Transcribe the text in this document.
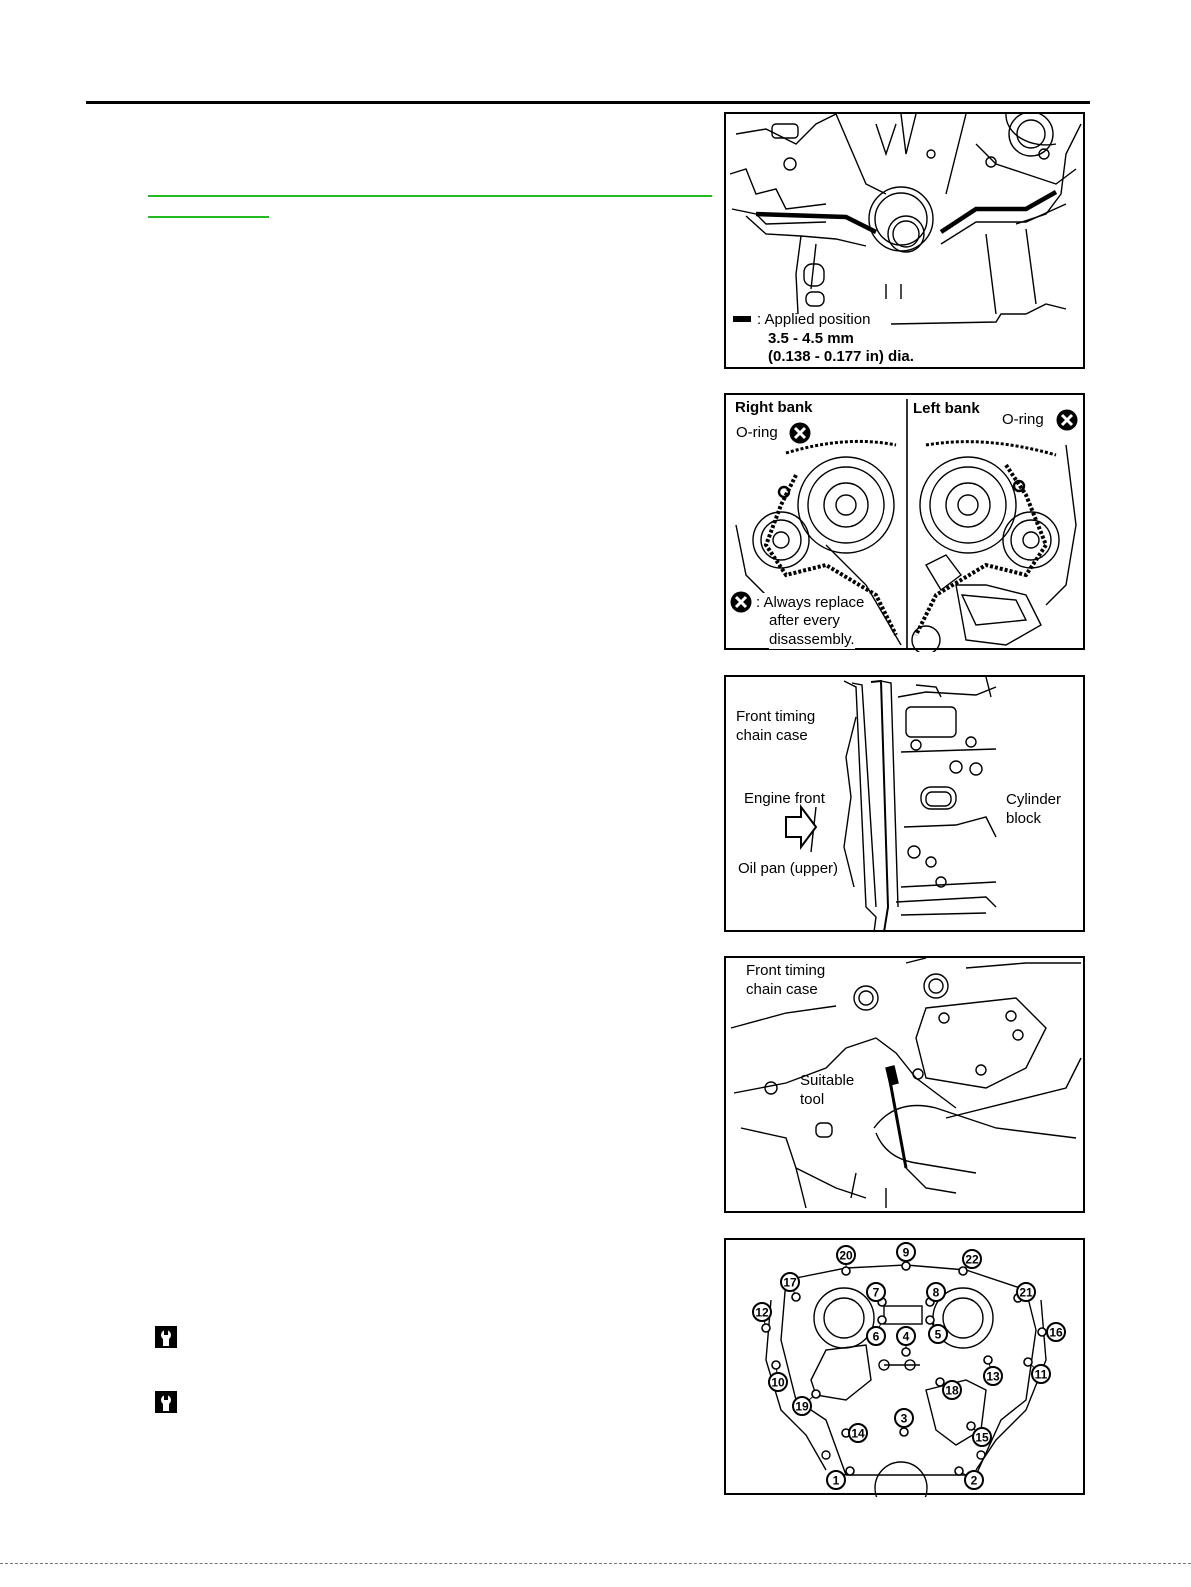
: Applied position
3.5 - 4.5 mm
(0.138 - 0.177 in) dia.
Right bank	Left bank
O-ring
O-ring
: Always replace
after every
disassembly.
Front timing
chain case
Engine front	Cylinder
block
Oil pan (upper)
Front timing
chain case
Suitable
tool
1	2
3
4 5
6
7	8
9
10
11
12
13
14	15
16
17
18
19
20
21
22
